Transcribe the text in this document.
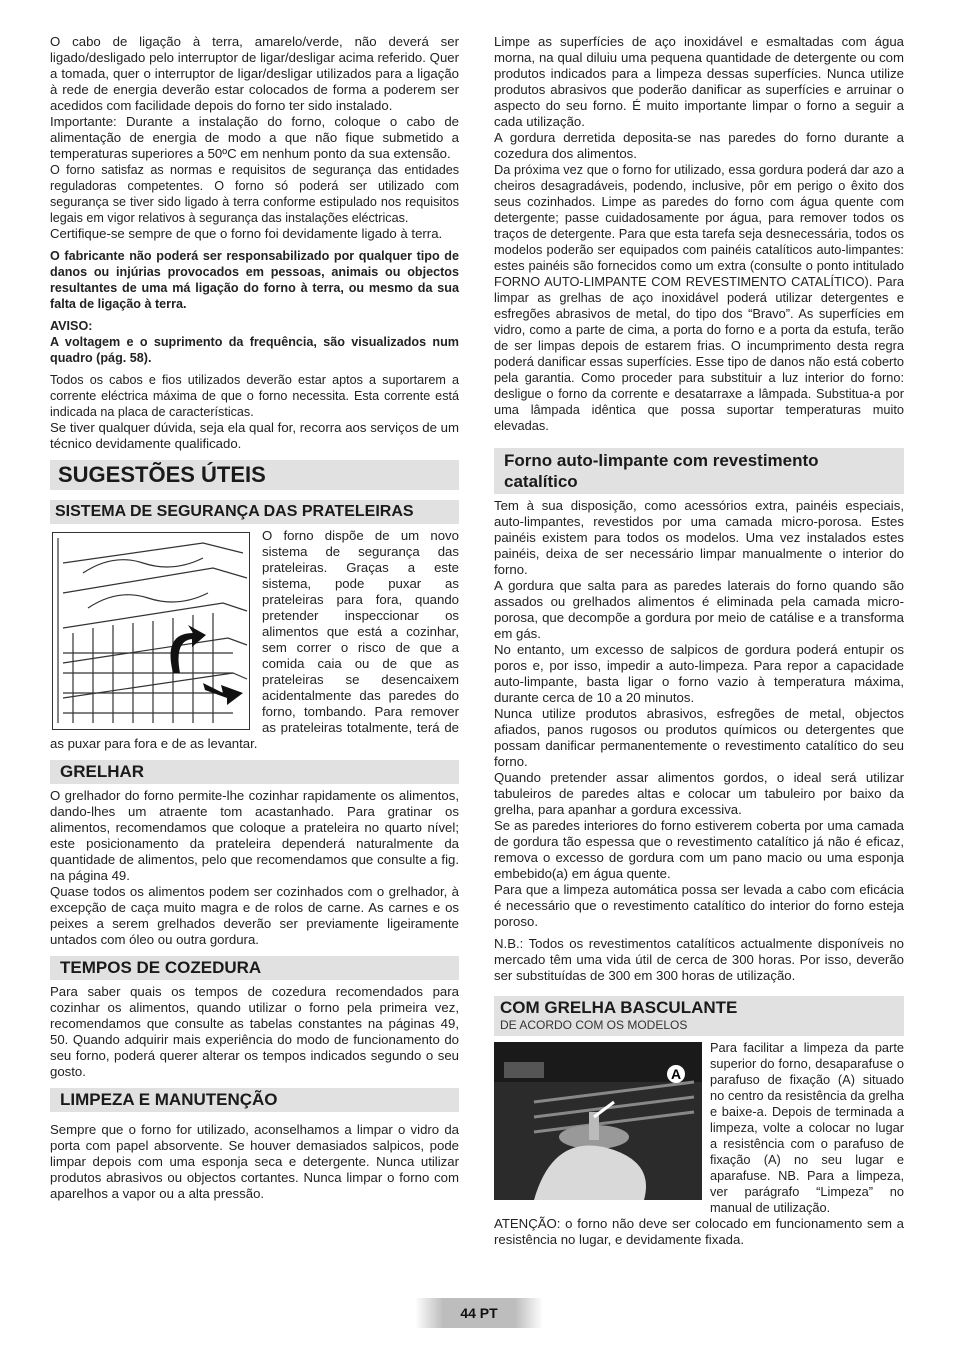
O cabo de ligação à terra, amarelo/verde, não deverá ser ligado/desligado pelo interruptor de ligar/desligar acima referido. Quer a tomada, quer o interruptor de ligar/desligar utilizados para a ligação à rede de energia deverão estar colocados de forma a poderem ser acedidos com facilidade depois do forno ter sido instalado.

Importante: Durante a instalação do forno, coloque o cabo de alimentação de energia de modo a que não fique submetido a temperaturas superiores a 50ºC em nenhum ponto da sua extensão.

O forno satisfaz as normas e requisitos de segurança das entidades reguladoras competentes. O forno só poderá ser utilizado com segurança se tiver sido ligado à terra conforme estipulado nos requisitos legais em vigor relativos à segurança das instalações eléctricas.

Certifique-se sempre de que o forno foi devidamente ligado à terra.

O fabricante não poderá ser responsabilizado por qualquer tipo de danos ou injúrias provocados em pessoas, animais ou objectos resultantes de uma má ligação do forno à terra, ou mesmo da sua falta de ligação à terra.

AVISO:

A voltagem e o suprimento da frequência, são visualizados num quadro (pág. 58).

Todos os cabos e fios utilizados deverão estar aptos a suportarem a corrente eléctrica máxima de que o forno necessita. Esta corrente está indicada na placa de características.

Se tiver qualquer dúvida, seja ela qual for, recorra aos serviços de um técnico devidamente qualificado.

SUGESTÕES ÚTEIS
SISTEMA DE SEGURANÇA DAS PRATELEIRAS

O forno dispõe de um novo sistema de segurança das prateleiras. Graças a este sistema, pode puxar as prateleiras para fora, quando pretender inspeccionar os alimentos que está a cozinhar, sem correr o risco de que a comida caia ou de que as prateleiras se desencaixem acidentalmente das paredes do forno, tombando. Para remover as prateleiras totalmente, terá de as puxar para fora e de as levantar.

GRELHAR

O grelhador do forno permite-lhe cozinhar rapidamente os alimentos, dando-lhes um atraente tom acastanhado. Para gratinar os alimentos, recomendamos que coloque a prateleira no quarto nível; este posicionamento da prateleira dependerá naturalmente da quantidade de alimentos, pelo que recomendamos que consulte a fig. na página 49.

Quase todos os alimentos podem ser cozinhados com o grelhador, à excepção de caça muito magra e de rolos de carne. As carnes e os peixes a serem grelhados deverão ser previamente ligeiramente untados com óleo ou outra gordura.

TEMPOS DE COZEDURA

Para saber quais os tempos de cozedura recomendados para cozinhar os alimentos, quando utilizar o forno pela primeira vez, recomendamos que consulte as tabelas constantes na páginas 49, 50. Quando adquirir mais experiência do modo de funcionamento do seu forno, poderá querer alterar os tempos indicados segundo o seu gosto.

LIMPEZA E MANUTENÇÃO

Sempre que o forno for utilizado, aconselhamos a limpar o vidro da porta com papel absorvente. Se houver demasiados salpicos, pode limpar depois com uma esponja seca e detergente. Nunca utilizar produtos abrasivos ou objectos cortantes. Nunca limpar o forno com aparelhos a vapor ou a alta pressão.

Limpe as superfícies de aço inoxidável e esmaltadas com água morna, na qual diluiu uma pequena quantidade de detergente ou com produtos indicados para a limpeza dessas superfícies. Nunca utilize produtos abrasivos que poderão danificar as superfícies e arruinar o aspecto do seu forno. É muito importante limpar o forno a seguir a cada utilização.

A gordura derretida deposita-se nas paredes do forno durante a cozedura dos alimentos.

Da próxima vez que o forno for utilizado, essa gordura poderá dar azo a cheiros desagradáveis, podendo, inclusive, pôr em perigo o êxito dos seus cozinhados. Limpe as paredes do forno com água quente com detergente; passe cuidadosamente por água, para remover todos os traços de detergente. Para que esta tarefa seja desnecessária, todos os modelos poderão ser equipados com painéis catalíticos auto-limpantes: estes painéis são fornecidos como um extra (consulte o ponto intitulado FORNO AUTO-LIMPANTE COM REVESTIMENTO CATALÍTICO). Para limpar as grelhas de aço inoxidável poderá utilizar detergentes e esfregões abrasivos de metal, do tipo dos “Bravo”. As superfícies em vidro, como a parte de cima, a porta do forno e a porta da estufa, terão de ser limpas depois de estarem frias. O incumprimento desta regra poderá danificar essas superfícies. Esse tipo de danos não está coberto pela garantia. Como proceder para substituir a luz interior do forno: desligue o forno da corrente e desatarraxe a lâmpada. Substitua-a por uma lâmpada idêntica que possa suportar temperaturas muito elevadas.

Forno auto-limpante com revestimento catalítico

Tem à sua disposição, como acessórios extra, painéis especiais, auto-limpantes, revestidos por uma camada micro-porosa. Estes painéis existem para todos os modelos. Uma vez instalados estes painéis, deixa de ser necessário limpar manualmente o interior do forno.

A gordura que salta para as paredes laterais do forno quando são assados ou grelhados alimentos é eliminada pela camada micro-porosa, que decompõe a gordura por meio de catálise e a transforma em gás.

No entanto, um excesso de salpicos de gordura poderá entupir os poros e, por isso, impedir a auto-limpeza. Para repor a capacidade auto-limpante, basta ligar o forno vazio à temperatura máxima, durante cerca de 10 a 20 minutos.

Nunca utilize produtos abrasivos, esfregões de metal, objectos afiados, panos rugosos ou produtos químicos ou detergentes que possam danificar permanentemente o revestimento catalítico do seu forno.

Quando pretender assar alimentos gordos, o ideal será utilizar tabuleiros de paredes altas e colocar um tabuleiro por baixo da grelha, para apanhar a gordura excessiva.

Se as paredes interiores do forno estiverem coberta por uma camada de gordura tão espessa que o revestimento catalítico já não é eficaz, remova o excesso de gordura com um pano macio ou uma esponja embebido(a) em água quente.

Para que a limpeza automática possa ser levada a cabo com eficácia é necessário que o revestimento catalítico do interior do forno esteja poroso.

N.B.: Todos os revestimentos catalíticos actualmente disponíveis no mercado têm uma vida útil de cerca de 300 horas. Por isso, deverão ser substituídas de 300 em 300 horas de utilização.

COM GRELHA BASCULANTE
DE ACORDO COM OS MODELOS
A

Para facilitar a limpeza da parte superior do forno, desaparafuse o parafuso de fixação (A) situado no centro da resistência da grelha e baixe-a. Depois de terminada a limpeza, volte a colocar no lugar a resistência com o parafuso de fixação (A) no seu lugar e aparafuse. NB. Para a limpeza, ver parágrafo “Limpeza” no manual de utilização.

ATENÇÃO: o forno não deve ser colocado em funcionamento sem a resistência no lugar, e devidamente fixada.

44 PT
